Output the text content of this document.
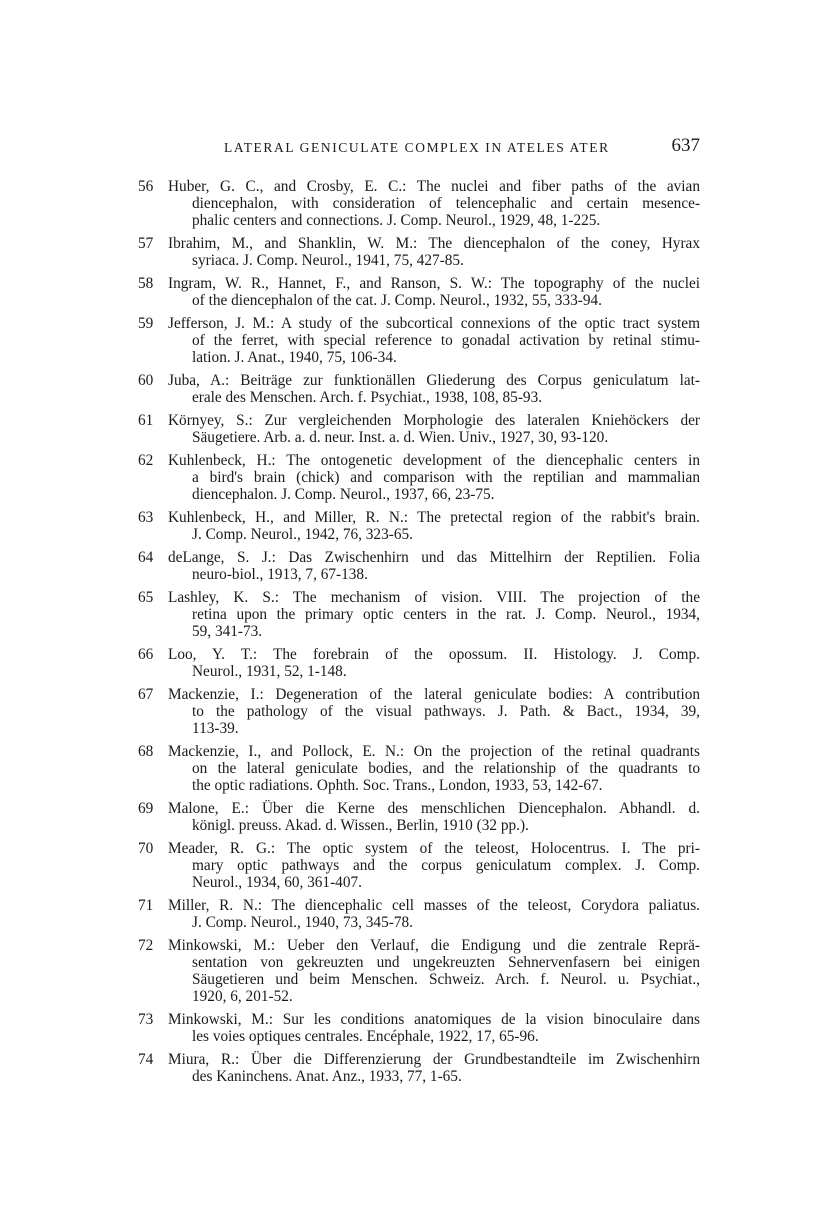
LATERAL GENICULATE COMPLEX IN ATELES ATER	637
56 Huber, G. C., and Crosby, E. C.: The nuclei and fiber paths of the avian
diencephalon, with consideration of telencephalic and certain mesence-
phalic centers and connections. J. Comp. Neurol., 1929, 48, 1-225.
57 Ibrahim, M., and Shanklin, W. M.: The diencephalon of the coney, Hyrax
syriaca. J. Comp. Neurol., 1941, 75, 427-85.
58 Ingram, W. R., Hannet, F., and Ranson, S. W.: The topography of the nuclei
of the diencephalon of the cat. J. Comp. Neurol., 1932, 55, 333-94.
59 Jefferson, J. M.: A study of the subcortical connexions of the optic tract system
of the ferret, with special reference to gonadal activation by retinal stimu-
lation. J. Anat., 1940, 75, 106-34.
60 Juba, A.: Beiträge zur funktionällen Gliederung des Corpus geniculatum lat-
erale des Menschen. Arch. f. Psychiat., 1938, 108, 85-93.
61 Környey, S.: Zur vergleichenden Morphologie des lateralen Kniehöckers der
Säugetiere. Arb. a. d. neur. Inst. a. d. Wien. Univ., 1927, 30, 93-120.
62 Kuhlenbeck, H.: The ontogenetic development of the diencephalic centers in
a bird's brain (chick) and comparison with the reptilian and mammalian
diencephalon. J. Comp. Neurol., 1937, 66, 23-75.
63 Kuhlenbeck, H., and Miller, R. N.: The pretectal region of the rabbit's brain.
J. Comp. Neurol., 1942, 76, 323-65.
64 deLange, S. J.: Das Zwischenhirn und das Mittelhirn der Reptilien. Folia
neuro-biol., 1913, 7, 67-138.
65 Lashley, K. S.: The mechanism of vision. VIII. The projection of the
retina upon the primary optic centers in the rat. J. Comp. Neurol., 1934,
59, 341-73.
66 Loo, Y. T.: The forebrain of the opossum. II. Histology. J. Comp.
Neurol., 1931, 52, 1-148.
67 Mackenzie, I.: Degeneration of the lateral geniculate bodies: A contribution
to the pathology of the visual pathways. J. Path. & Bact., 1934, 39,
113-39.
68 Mackenzie, I., and Pollock, E. N.: On the projection of the retinal quadrants
on the lateral geniculate bodies, and the relationship of the quadrants to
the optic radiations. Ophth. Soc. Trans., London, 1933, 53, 142-67.
69 Malone, E.: Über die Kerne des menschlichen Diencephalon. Abhandl. d.
königl. preuss. Akad. d. Wissen., Berlin, 1910 (32 pp.).
70 Meader, R. G.: The optic system of the teleost, Holocentrus. I. The pri-
mary optic pathways and the corpus geniculatum complex. J. Comp.
Neurol., 1934, 60, 361-407.
71 Miller, R. N.: The diencephalic cell masses of the teleost, Corydora paliatus.
J. Comp. Neurol., 1940, 73, 345-78.
72 Minkowski, M.: Ueber den Verlauf, die Endigung und die zentrale Reprä-
sentation von gekreuzten und ungekreuzten Sehnervenfasern bei einigen
Säugetieren und beim Menschen. Schweiz. Arch. f. Neurol. u. Psychiat.,
1920, 6, 201-52.
73 Minkowski, M.: Sur les conditions anatomiques de la vision binoculaire dans
les voies optiques centrales. Encéphale, 1922, 17, 65-96.
74 Miura, R.: Über die Differenzierung der Grundbestandteile im Zwischenhirn
des Kaninchens. Anat. Anz., 1933, 77, 1-65.
